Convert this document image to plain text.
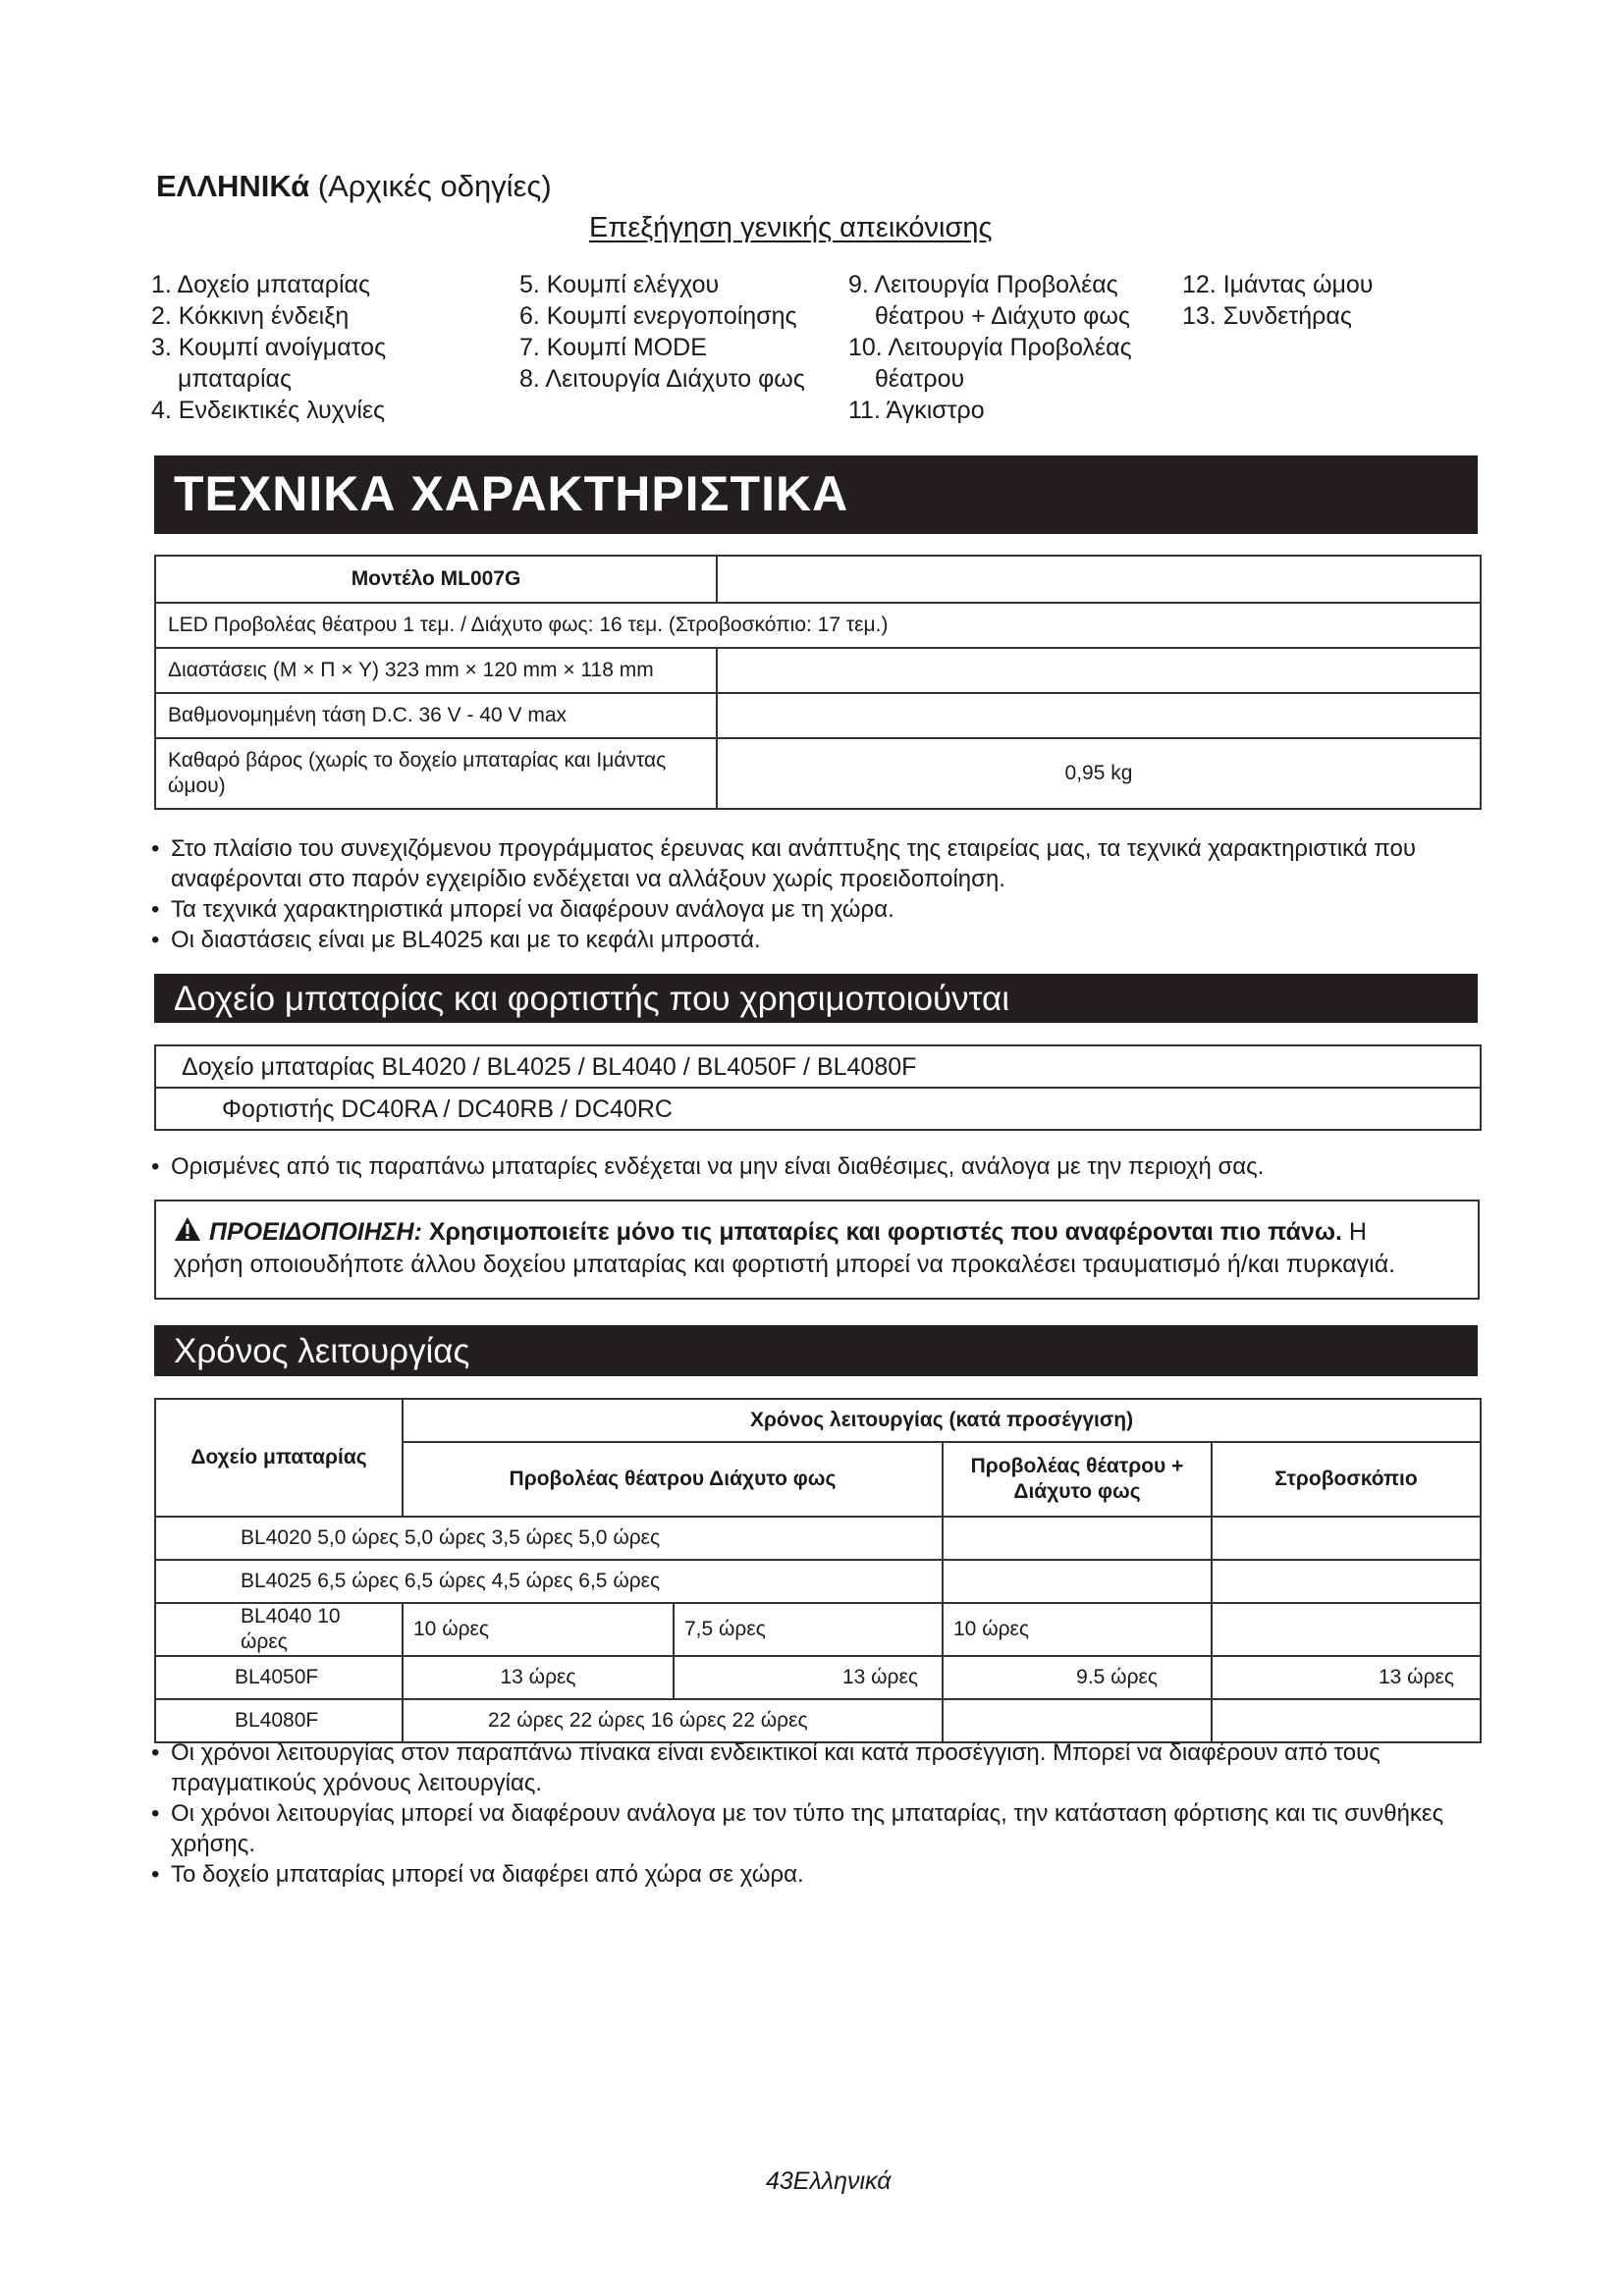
ΕΛΛΗΝΙΚά (Αρχικές οδηγίες)
Επεξήγηση γενικής απεικόνισης
1. Δοχείο μπαταρίας
2. Κόκκινη ένδειξη
3. Κουμπί ανοίγματος
μπαταρίας
4. Ενδεικτικές λυχνίες
5. Κουμπί ελέγχου
6. Κουμπί ενεργοποίησης
7. Κουμπί MODE
8. Λειτουργία Διάχυτο φως
9. Λειτουργία Προβολέας
θέατρου + Διάχυτο φως
10. Λειτουργία Προβολέας
θέατρου
11. Άγκιστρο
12. Ιμάντας ώμου
13. Συνδετήρας
ΤΕΧΝΙΚΑ ΧΑΡΑΚΤΗΡΙΣΤΙΚΑ
Μοντέλο ML007G	
LED Προβολέας θέατρου 1 τεμ. / Διάχυτο φως: 16 τεμ. (Στροβοσκόπιο: 17 τεμ.)	
Διαστάσεις (Μ × Π × Υ) 323 mm × 120 mm × 118 mm	
Βαθμονομημένη τάση D.C. 36 V - 40 V max	
Καθαρό βάρος (χωρίς το δοχείο μπαταρίας και Ιμάντας ώμου)	0,95 kg
• Στο πλαίσιο του συνεχιζόμενου προγράμματος έρευνας και ανάπτυξης της εταιρείας μας, τα τεχνικά χαρακτηριστικά που αναφέρονται στο παρόν εγχειρίδιο ενδέχεται να αλλάξουν χωρίς προειδοποίηση.
• Τα τεχνικά χαρακτηριστικά μπορεί να διαφέρουν ανάλογα με τη χώρα.
• Οι διαστάσεις είναι με BL4025 και με το κεφάλι μπροστά.
Δοχείο μπαταρίας και φορτιστής που χρησιμοποιούνται
Δοχείο μπαταρίας BL4020 / BL4025 / BL4040 / BL4050F / BL4080F
Φορτιστής DC40RA / DC40RB / DC40RC
• Ορισμένες από τις παραπάνω μπαταρίες ενδέχεται να μην είναι διαθέσιμες, ανάλογα με την περιοχή σας.
ΠΡΟΕΙΔΟΠΟΙΗΣΗ: Χρησιμοποιείτε μόνο τις μπαταρίες και φορτιστές που αναφέρονται πιο πάνω. Η
χρήση οποιουδήποτε άλλου δοχείου μπαταρίας και φορτιστή μπορεί να προκαλέσει τραυματισμό ή/και πυρκαγιά.
Χρόνος λειτουργίας
Δοχείο μπαταρίας	Χρόνος λειτουργίας (κατά προσέγγιση)			
	Προβολέας θέατρου Διάχυτο φως		Προβολέας θέατρου + Διάχυτο φως	Στροβοσκόπιο
BL4020 5,0 ώρες 5,0 ώρες 3,5 ώρες 5,0 ώρες				
BL4025 6,5 ώρες 6,5 ώρες 4,5 ώρες 6,5 ώρες				
BL4040 10 ώρες	10 ώρες	7,5 ώρες	10 ώρες	
BL4050F	13 ώρες	13 ώρες	9.5 ώρες	13 ώρες
BL4080F	22 ώρες 22 ώρες 16 ώρες 22 ώρες			
• Οι χρόνοι λειτουργίας στον παραπάνω πίνακα είναι ενδεικτικοί και κατά προσέγγιση. Μπορεί να διαφέρουν από τους πραγματικούς χρόνους λειτουργίας.
• Οι χρόνοι λειτουργίας μπορεί να διαφέρουν ανάλογα με τον τύπο της μπαταρίας, την κατάσταση φόρτισης και τις συνθήκες χρήσης.
• Το δοχείο μπαταρίας μπορεί να διαφέρει από χώρα σε χώρα.
43Ελληνικά
